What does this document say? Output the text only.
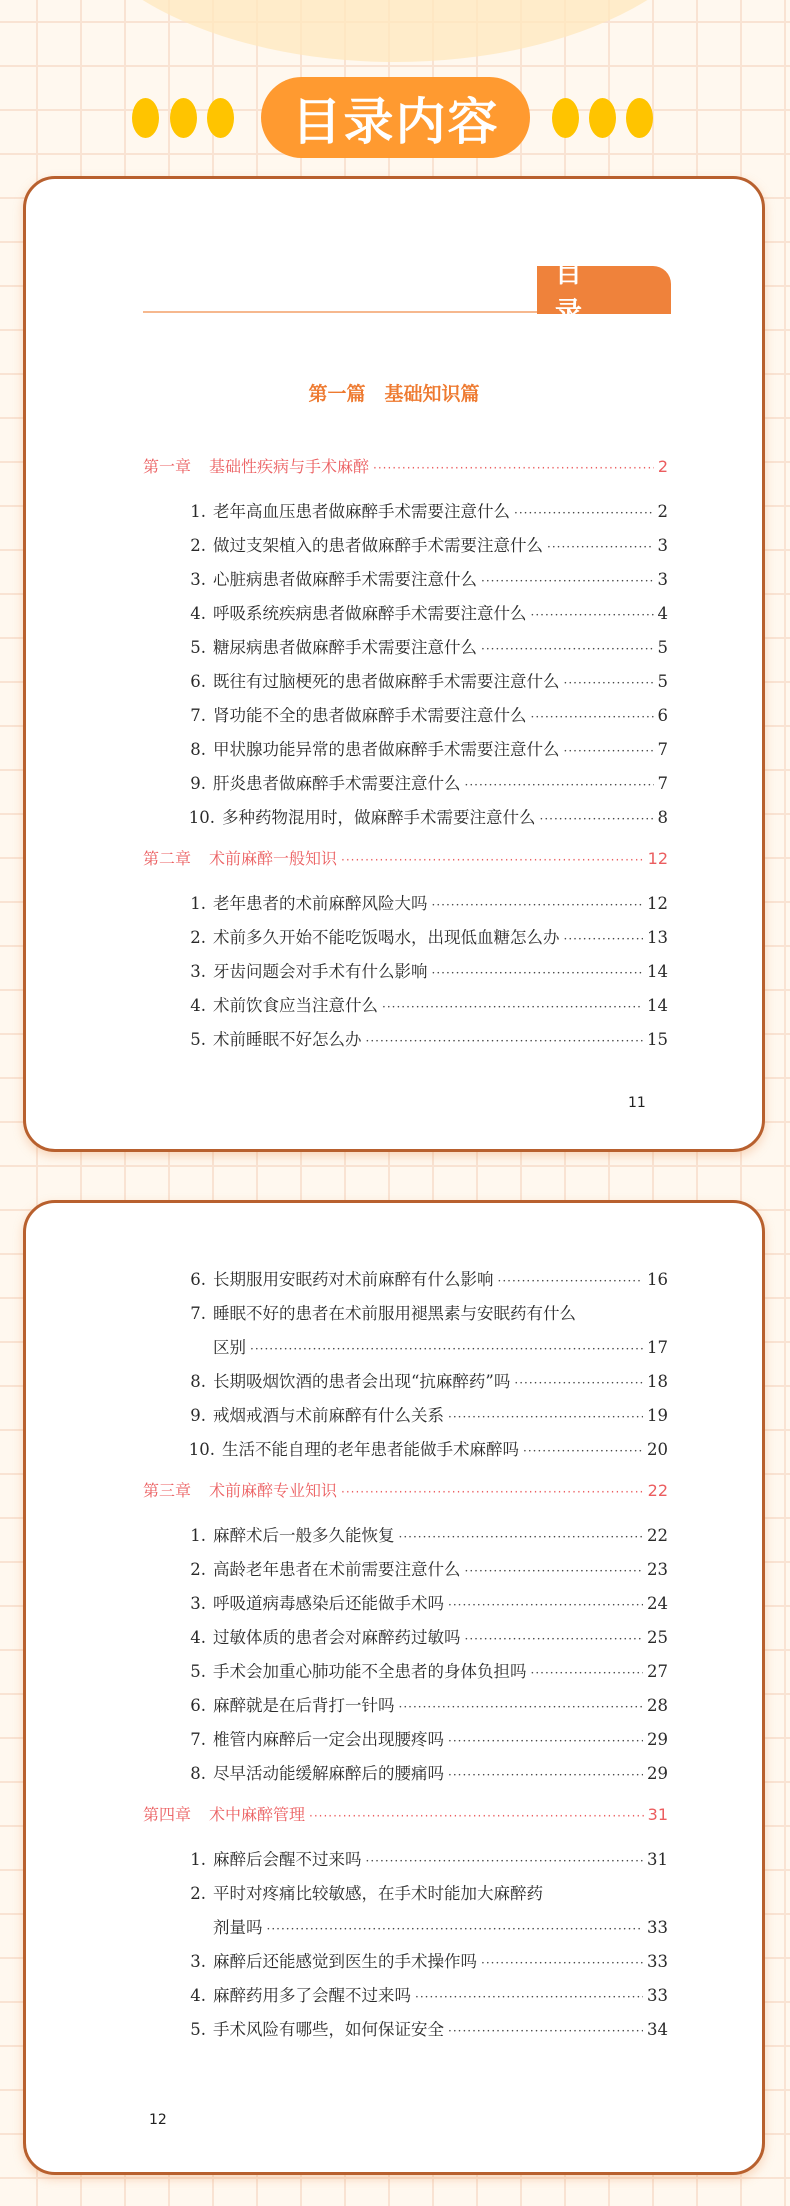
目录内容
目 录
第一篇　基础知识篇
第一章 基础性疾病与手术麻醉 ·····	2
1. 老年高血压患者做麻醉手术需要注意什么 ·····	2
2. 做过支架植入的患者做麻醉手术需要注意什么 ·····	3
3. 心脏病患者做麻醉手术需要注意什么 ·····	3
4. 呼吸系统疾病患者做麻醉手术需要注意什么 ·····	4
5. 糖尿病患者做麻醉手术需要注意什么 ·····	5
6. 既往有过脑梗死的患者做麻醉手术需要注意什么 ·····	5
7. 肾功能不全的患者做麻醉手术需要注意什么 ·····	6
8. 甲状腺功能异常的患者做麻醉手术需要注意什么 ·····	7
9. 肝炎患者做麻醉手术需要注意什么 ·····	7
10. 多种药物混用时，做麻醉手术需要注意什么 ·····	8
第二章 术前麻醉一般知识 ·····	12
1. 老年患者的术前麻醉风险大吗 ·····	12
2. 术前多久开始不能吃饭喝水，出现低血糖怎么办 ·····	13
3. 牙齿问题会对手术有什么影响 ·····	14
4. 术前饮食应当注意什么 ·····	14
5. 术前睡眠不好怎么办 ·····	15
11
6. 长期服用安眠药对术前麻醉有什么影响 ·····	16
7. 睡眠不好的患者在术前服用褪黑素与安眠药有什么
区别 ·····	17
8. 长期吸烟饮酒的患者会出现“抗麻醉药”吗 ·····	18
9. 戒烟戒酒与术前麻醉有什么关系 ·····	19
10. 生活不能自理的老年患者能做手术麻醉吗 ·····	20
第三章 术前麻醉专业知识 ·····	22
1. 麻醉术后一般多久能恢复 ·····	22
2. 高龄老年患者在术前需要注意什么 ·····	23
3. 呼吸道病毒感染后还能做手术吗 ·····	24
4. 过敏体质的患者会对麻醉药过敏吗 ·····	25
5. 手术会加重心肺功能不全患者的身体负担吗 ·····	27
6. 麻醉就是在后背打一针吗 ·····	28
7. 椎管内麻醉后一定会出现腰疼吗 ·····	29
8. 尽早活动能缓解麻醉后的腰痛吗 ·····	29
第四章 术中麻醉管理 ·····	31
1. 麻醉后会醒不过来吗 ·····	31
2. 平时对疼痛比较敏感，在手术时能加大麻醉药
剂量吗 ·····	33
3. 麻醉后还能感觉到医生的手术操作吗 ·····	33
4. 麻醉药用多了会醒不过来吗 ·····	33
5. 手术风险有哪些，如何保证安全 ·····	34
12
